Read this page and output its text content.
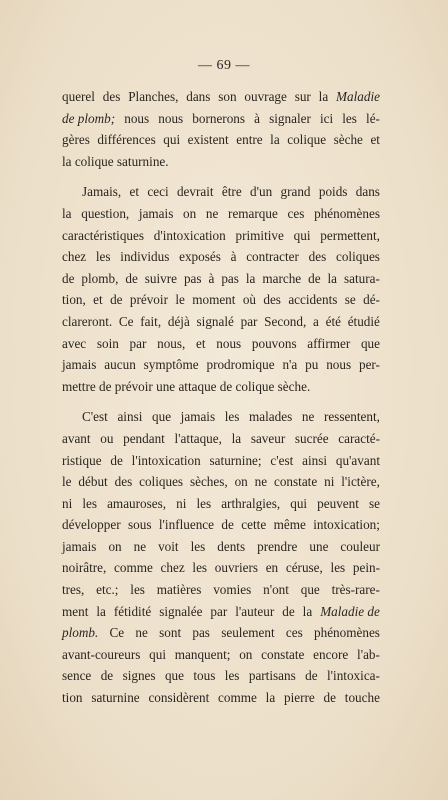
— 69 —
querel des Planches, dans son ouvrage sur la Maladie
de plomb; nous nous bornerons à signaler ici les lé-
gères différences qui existent entre la colique sèche et
la colique saturnine.
Jamais, et ceci devrait être d'un grand poids dans
la question, jamais on ne remarque ces phénomènes
caractéristiques d'intoxication primitive qui permettent,
chez les individus exposés à contracter des coliques
de plomb, de suivre pas à pas la marche de la satura-
tion, et de prévoir le moment où des accidents se dé-
clareront. Ce fait, déjà signalé par Second, a été étudié
avec soin par nous, et nous pouvons affirmer que
jamais aucun symptôme prodromique n'a pu nous per-
mettre de prévoir une attaque de colique sèche.
C'est ainsi que jamais les malades ne ressentent,
avant ou pendant l'attaque, la saveur sucrée caracté-
ristique de l'intoxication saturnine; c'est ainsi qu'avant
le début des coliques sèches, on ne constate ni l'ictère,
ni les amauroses, ni les arthralgies, qui peuvent se
développer sous l'influence de cette même intoxication;
jamais on ne voit les dents prendre une couleur
noirâtre, comme chez les ouvriers en céruse, les pein-
tres, etc.; les matières vomies n'ont que très-rare-
ment la fétidité signalée par l'auteur de la Maladie de
plomb. Ce ne sont pas seulement ces phénomènes
avant-coureurs qui manquent; on constate encore l'ab-
sence de signes que tous les partisans de l'intoxica-
tion saturnine considèrent comme la pierre de touche
